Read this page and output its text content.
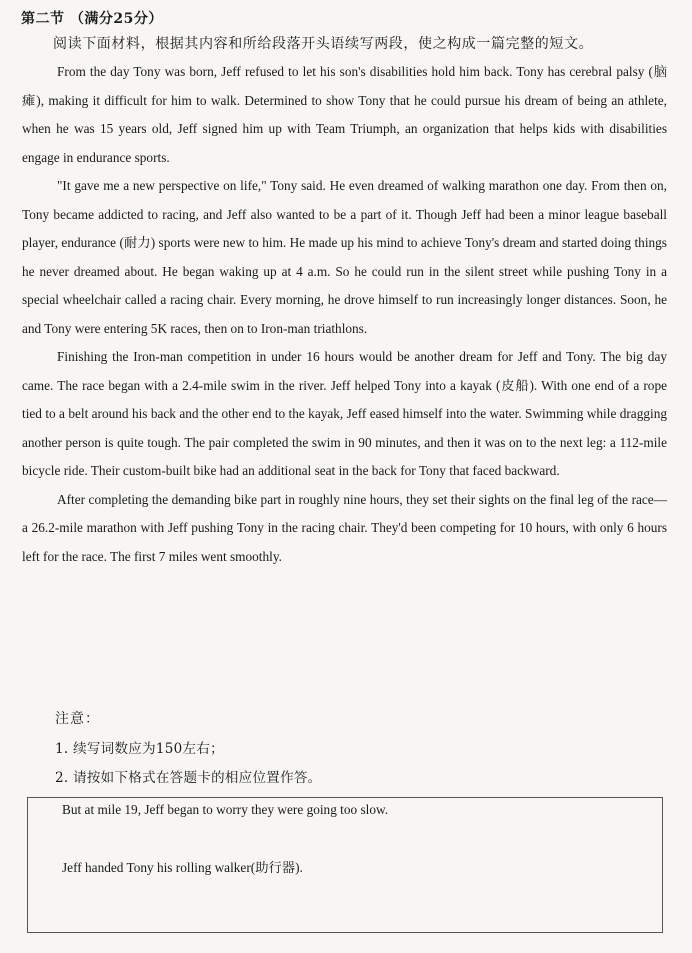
第二节 （满分25分）
阅读下面材料，根据其内容和所给段落开头语续写两段，使之构成一篇完整的短文。

From the day Tony was born, Jeff refused to let his son's disabilities hold him back. Tony has cerebral palsy (脑瘫), making it difficult for him to walk. Determined to show Tony that he could pursue his dream of being an athlete, when he was 15 years old, Jeff signed him up with Team Triumph, an organization that helps kids with disabilities engage in endurance sports.

"It gave me a new perspective on life," Tony said. He even dreamed of walking marathon one day. From then on, Tony became addicted to racing, and Jeff also wanted to be a part of it. Though Jeff had been a minor league baseball player, endurance (耐力) sports were new to him. He made up his mind to achieve Tony's dream and started doing things he never dreamed about. He began waking up at 4 a.m. So he could run in the silent street while pushing Tony in a special wheelchair called a racing chair. Every morning, he drove himself to run increasingly longer distances. Soon, he and Tony were entering 5K races, then on to Iron-man triathlons.

Finishing the Iron-man competition in under 16 hours would be another dream for Jeff and Tony. The big day came. The race began with a 2.4-mile swim in the river. Jeff helped Tony into a kayak (皮船). With one end of a rope tied to a belt around his back and the other end to the kayak, Jeff eased himself into the water. Swimming while dragging another person is quite tough. The pair completed the swim in 90 minutes, and then it was on to the next leg: a 112-mile bicycle ride. Their custom-built bike had an additional seat in the back for Tony that faced backward.

After completing the demanding bike part in roughly nine hours, they set their sights on the final leg of the race—a 26.2-mile marathon with Jeff pushing Tony in the racing chair. They'd been competing for 10 hours, with only 6 hours left for the race. The first 7 miles went smoothly.

注意：
1. 续写词数应为150左右；
2. 请按如下格式在答题卡的相应位置作答。
But at mile 19, Jeff began to worry they were going too slow.
Jeff handed Tony his rolling walker(助行器).
